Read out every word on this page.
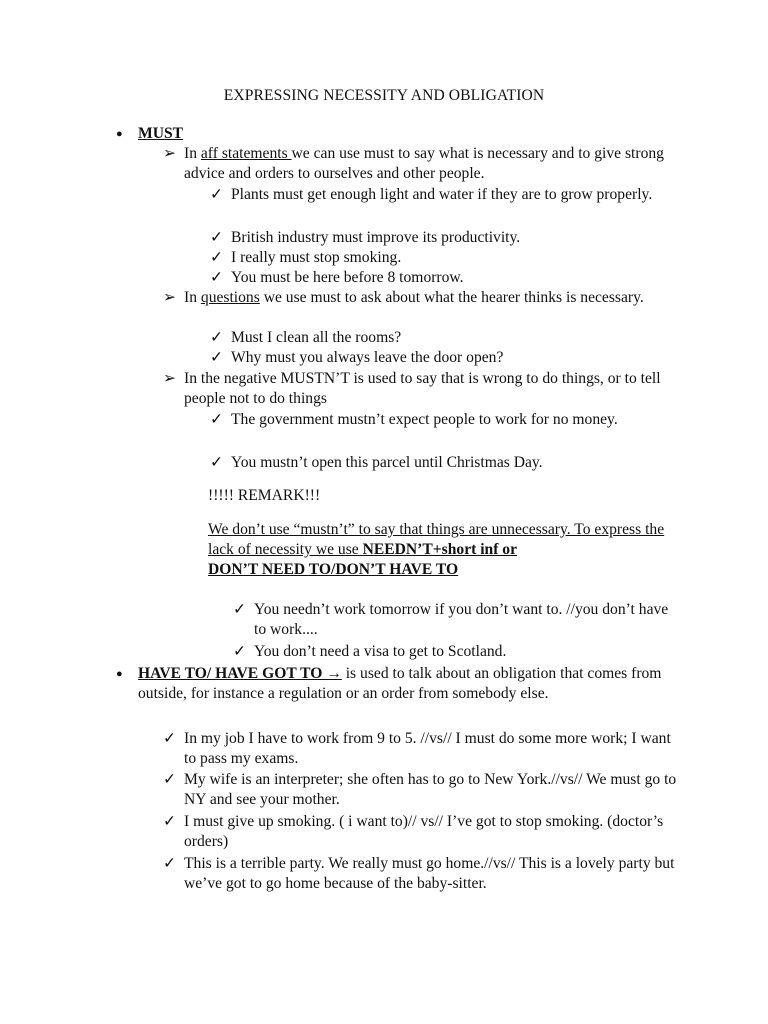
EXPRESSING NECESSITY AND OBLIGATION
● MUST
➢ In aff statements we can use must to say what is necessary and to give strong advice and orders to ourselves and other people.
✓ Plants must get enough light and water if they are to grow properly.
✓ British industry must improve its productivity.
✓ I really must stop smoking.
✓ You must be here before 8 tomorrow.
➢ In questions we use must to ask about what the hearer thinks is necessary.
✓ Must I clean all the rooms?
✓ Why must you always leave the door open?
➢ In the negative MUSTN’T is used to say that is wrong to do things, or to tell people not to do things
✓ The government mustn’t expect people to work for no money.
✓ You mustn’t open this parcel until Christmas Day.
!!!!! REMARK!!!
We don’t use “mustn’t” to say that things are unnecessary. To express the lack of necessity we use NEEDN’T+short inf or
DON’T NEED TO/DON’T HAVE TO
✓ You needn’t work tomorrow if you don’t want to. //you don’t have to work....
✓ You don’t need a visa to get to Scotland.
● HAVE TO/ HAVE GOT TO → is used to talk about an obligation that comes from outside, for instance a regulation or an order from somebody else.
✓ In my job I have to work from 9 to 5. //vs// I must do some more work; I want to pass my exams.
✓ My wife is an interpreter; she often has to go to New York.//vs// We must go to NY and see your mother.
✓ I must give up smoking. ( i want to)// vs// I’ve got to stop smoking. (doctor’s orders)
✓ This is a terrible party. We really must go home.//vs// This is a lovely party but we’ve got to go home because of the baby-sitter.
